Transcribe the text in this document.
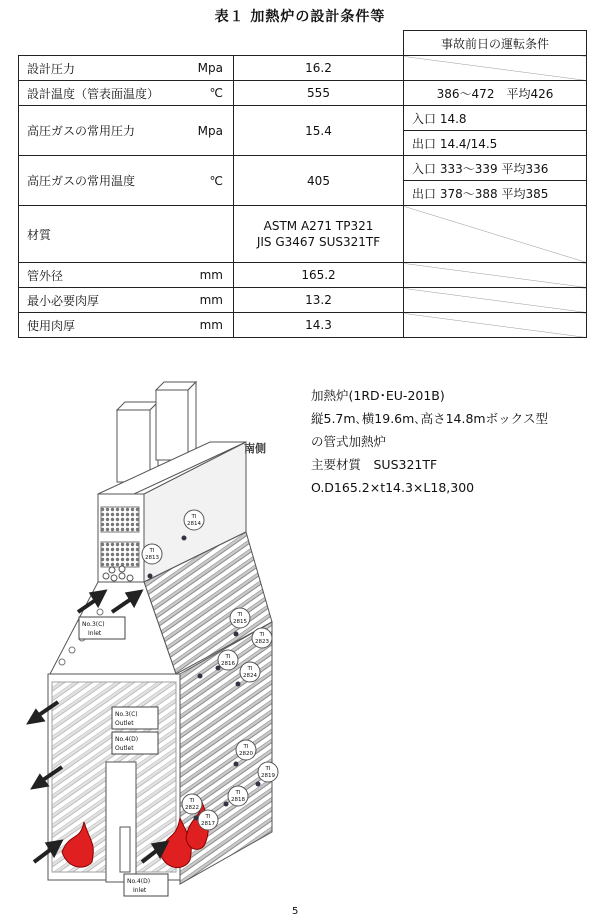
表１ 加熱炉の設計条件等
		事故前日の運転条件
設計圧力 Mpa	16.2	
設計温度（管表面温度） ℃	555	386～472　平均426
高圧ガスの常用圧力 Mpa	15.4	入口 14.8
		出口 14.4/14.5
高圧ガスの常用温度 ℃	405	入口 333～339 平均336
		出口 378～388 平均385
材質	ASTM A271 TP321
JIS G3467 SUS321TF	

管外径 mm	165.2	
最小必要肉厚 mm	13.2	
使用肉厚 mm	14.3	
No.3(C)
Inlet
No.3(C)
Outlet
No.4(D)
Outlet
No.4(D)
Inlet
南側
TI
2814
TI
2813
TI
2815
TI
2823
TI
2816
TI
2824
TI
2820
TI
2819
TI
2822
TI
2818
TI
2817
加熱炉(1RD･EU-201B)
縦5.7m､横19.6m､高さ14.8mボックス型
の管式加熱炉
主要材質　SUS321TF
O.D165.2×t14.3×L18,300
5
